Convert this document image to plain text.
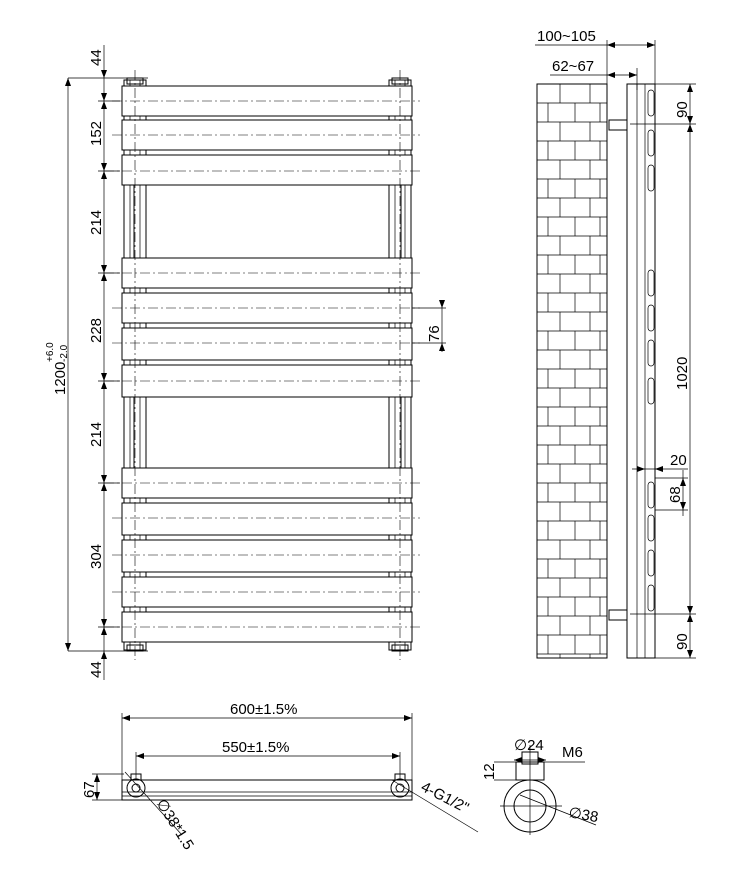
44
152
214
228
214
304
44
1200
+6.0 -2.0
76
100~105
62~67
90
1020
90
20
68
600±1.5%
550±1.5%
67
∅38*1.5	4-G1/2"
∅24 M6
12
∅38
